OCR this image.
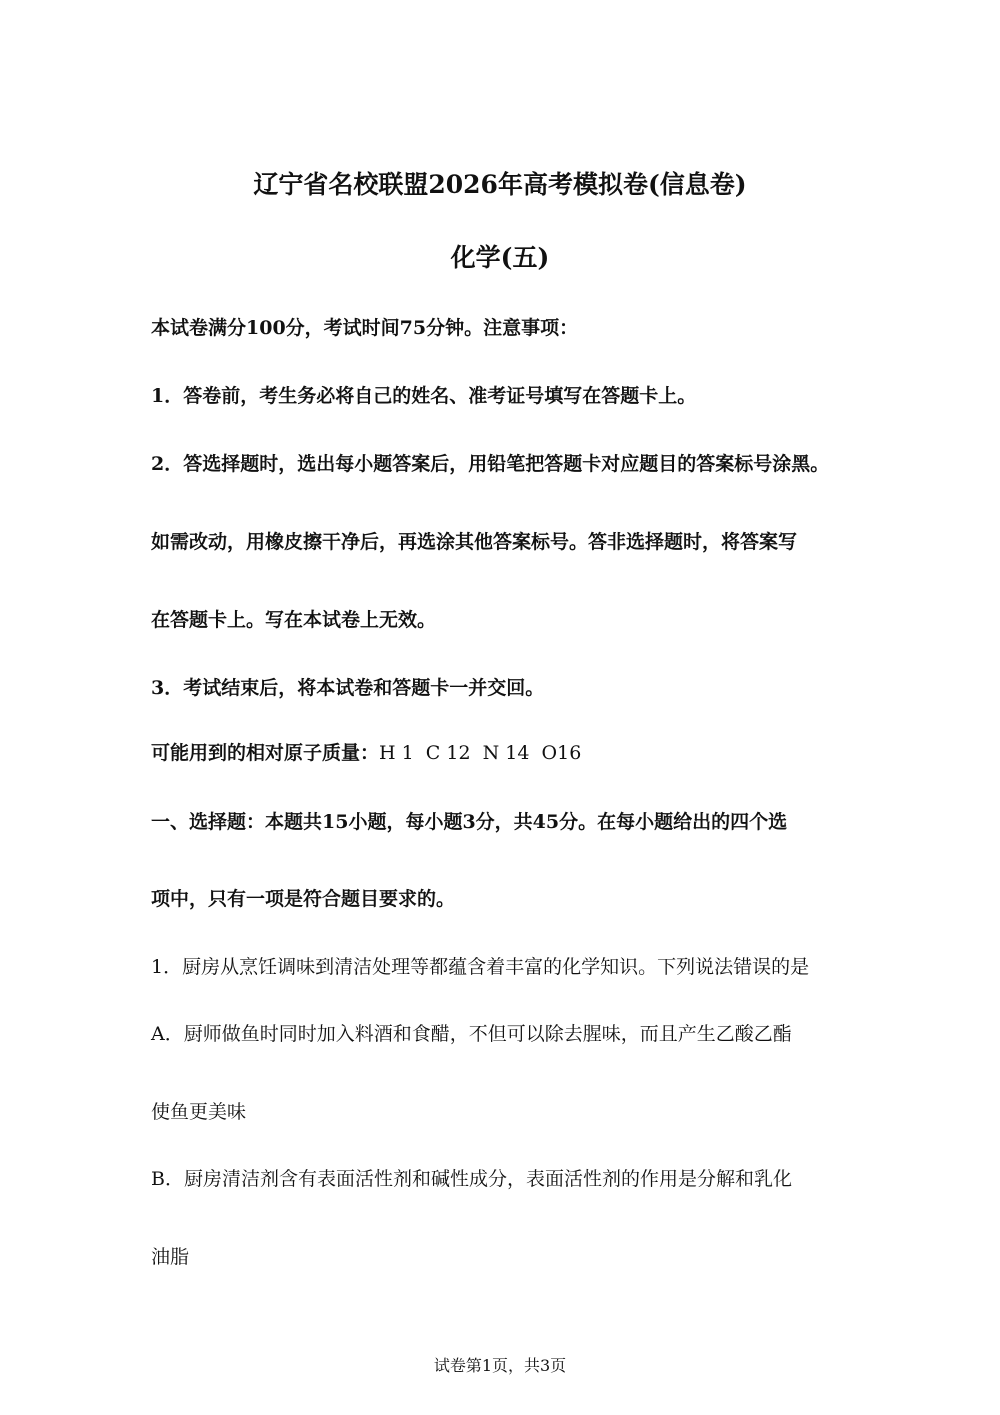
辽宁省名校联盟2026年高考模拟卷(信息卷)
化学(五)
本试卷满分100分，考试时间75分钟。注意事项：
1．答卷前，考生务必将自己的姓名、准考证号填写在答题卡上。
2．答选择题时，选出每小题答案后，用铅笔把答题卡对应题目的答案标号涂黑。
如需改动，用橡皮擦干净后，再选涂其他答案标号。答非选择题时，将答案写
在答题卡上。写在本试卷上无效。
3．考试结束后，将本试卷和答题卡一并交回。
可能用到的相对原子质量：H 1  C 12  N 14  O16
一、选择题：本题共15小题，每小题3分，共45分。在每小题给出的四个选
项中，只有一项是符合题目要求的。
1．厨房从烹饪调味到清洁处理等都蕴含着丰富的化学知识。下列说法错误的是
A．厨师做鱼时同时加入料酒和食醋，不但可以除去腥味，而且产生乙酸乙酯
使鱼更美味
B．厨房清洁剂含有表面活性剂和碱性成分，表面活性剂的作用是分解和乳化
油脂
试卷第1页，共3页
